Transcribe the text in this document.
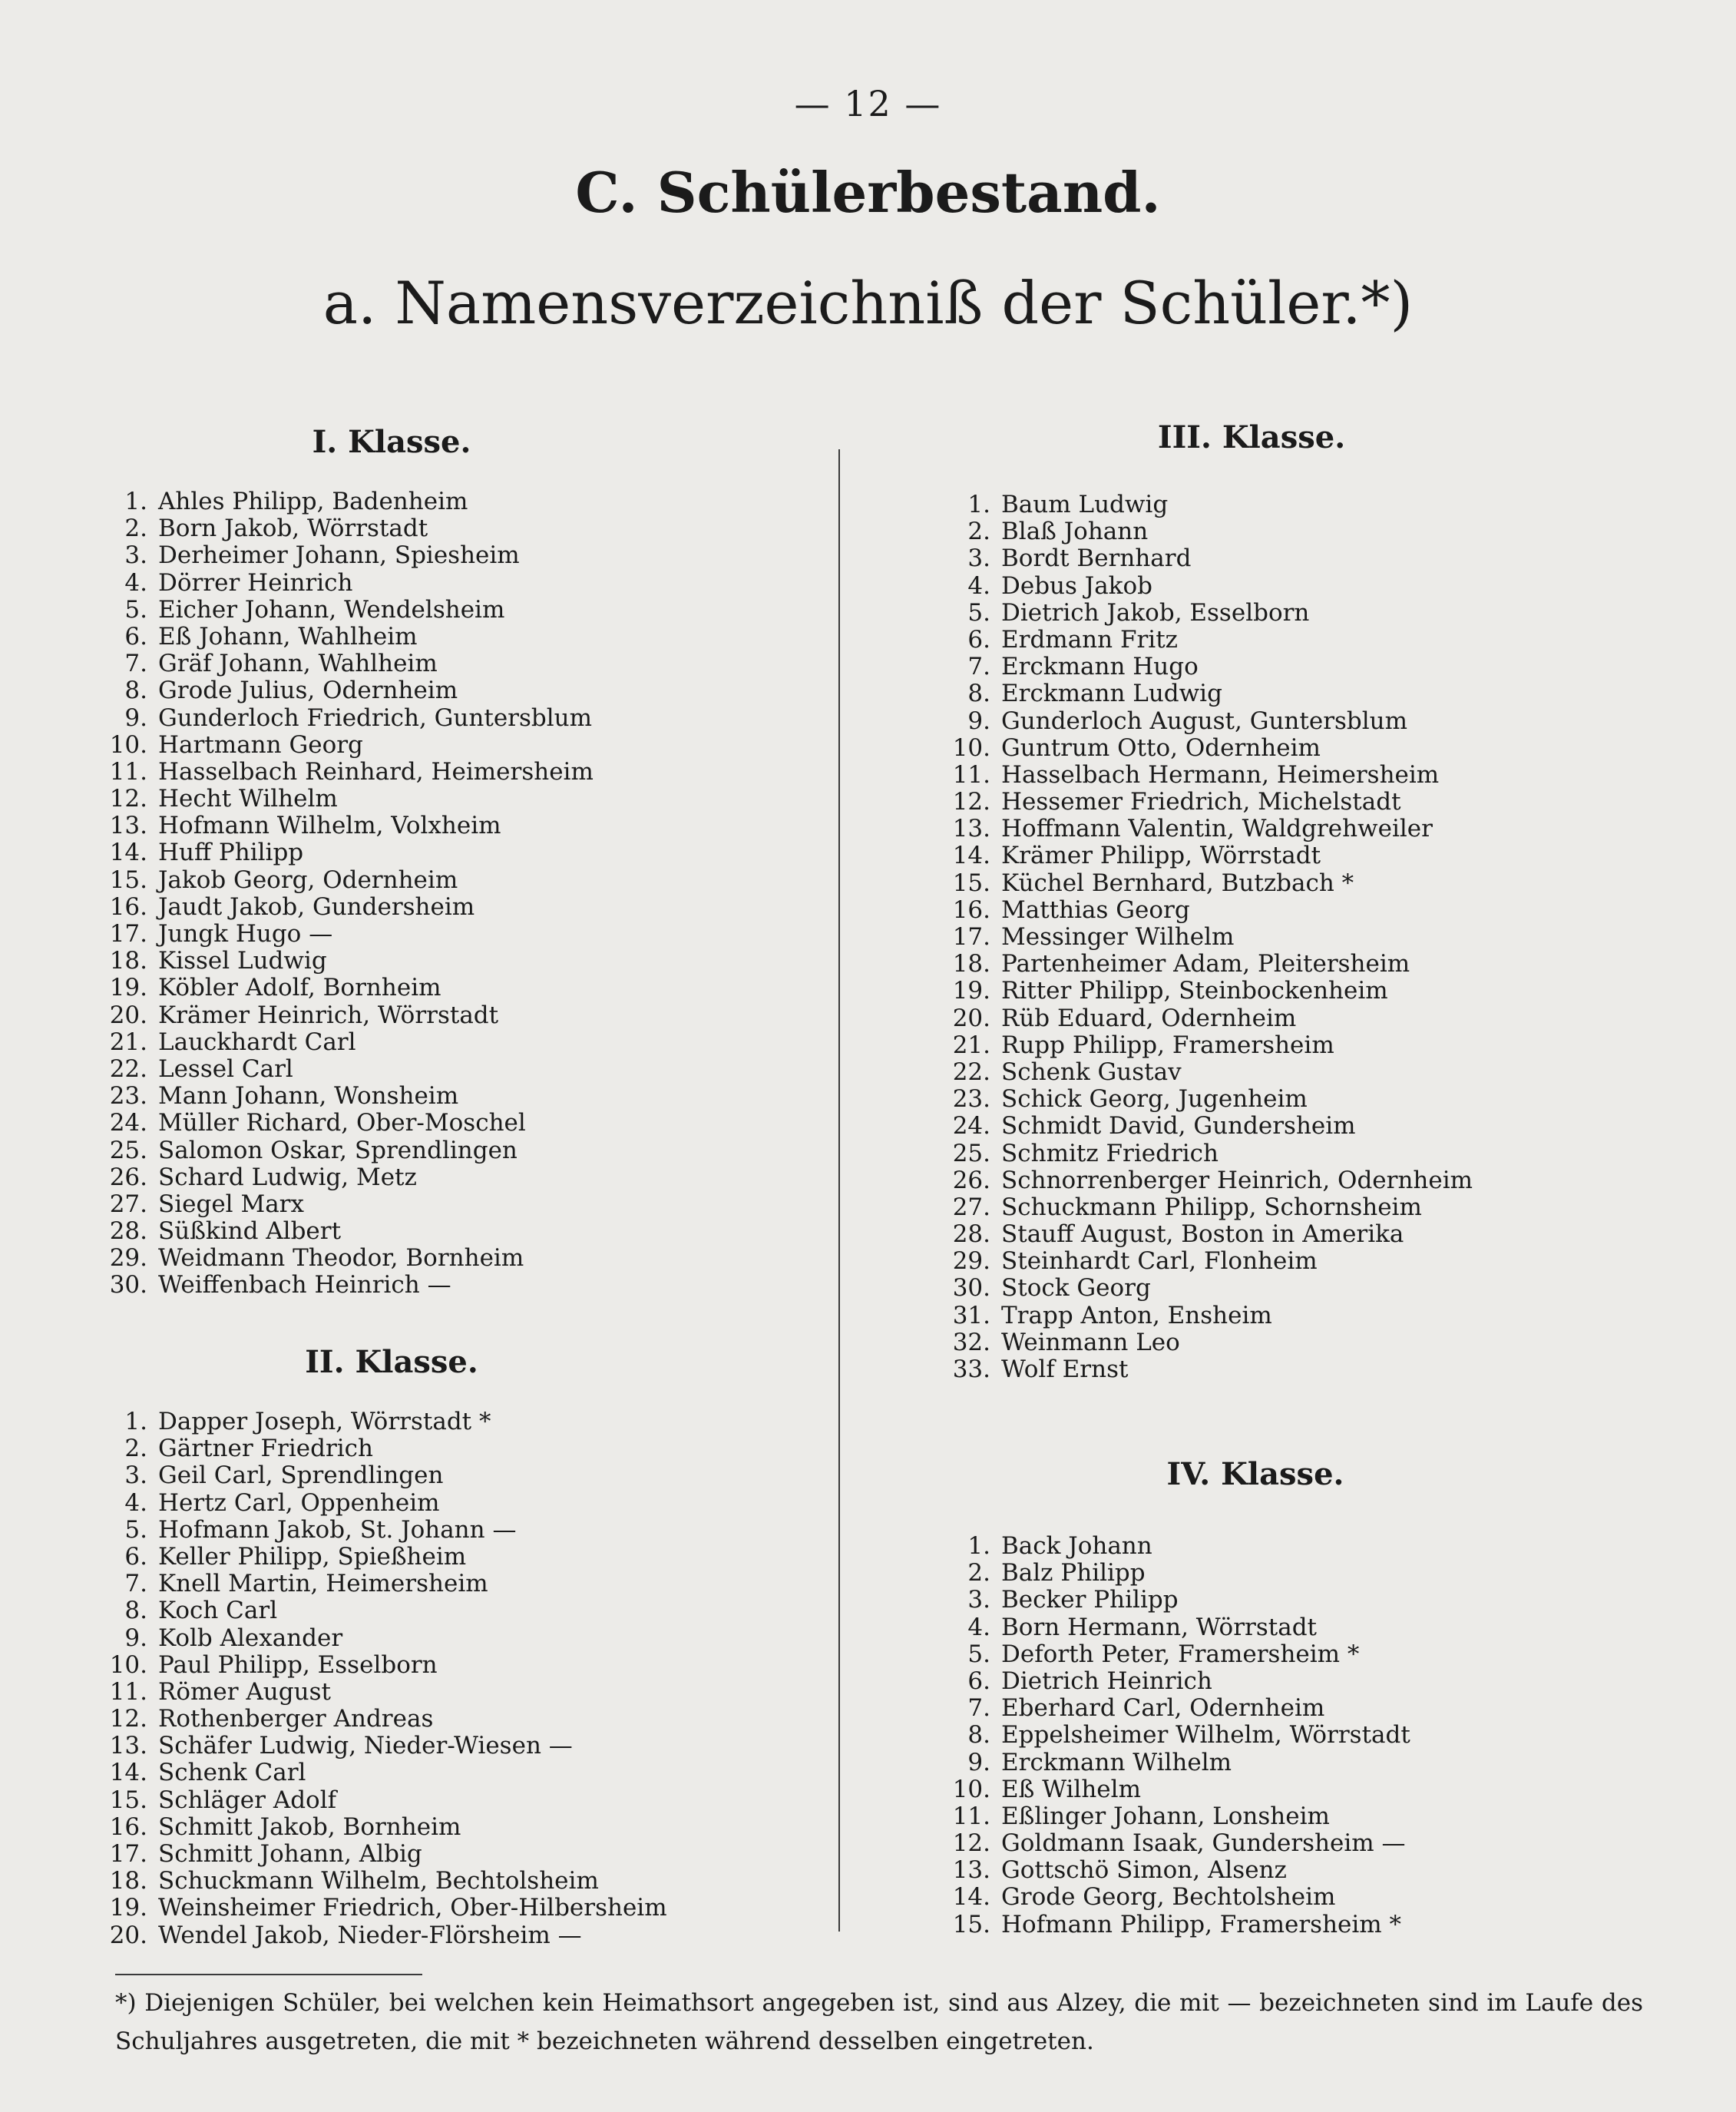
— 12 —
C. Schülerbestand.
a. Namensverzeichniß der Schüler.*)
I. Klasse.
1. Ahles Philipp, Badenheim
2. Born Jakob, Wörrstadt
3. Derheimer Johann, Spiesheim
4. Dörrer Heinrich
5. Eicher Johann, Wendelsheim
6. Eß Johann, Wahlheim
7. Gräf Johann, Wahlheim
8. Grode Julius, Odernheim
9. Gunderloch Friedrich, Guntersblum
10. Hartmann Georg
11. Hasselbach Reinhard, Heimersheim
12. Hecht Wilhelm
13. Hofmann Wilhelm, Volxheim
14. Huff Philipp
15. Jakob Georg, Odernheim
16. Jaudt Jakob, Gundersheim
17. Jungk Hugo —
18. Kissel Ludwig
19. Köbler Adolf, Bornheim
20. Krämer Heinrich, Wörrstadt
21. Lauckhardt Carl
22. Lessel Carl
23. Mann Johann, Wonsheim
24. Müller Richard, Ober-Moschel
25. Salomon Oskar, Sprendlingen
26. Schard Ludwig, Metz
27. Siegel Marx
28. Süßkind Albert
29. Weidmann Theodor, Bornheim
30. Weiffenbach Heinrich —
II. Klasse.
1. Dapper Joseph, Wörrstadt *
2. Gärtner Friedrich
3. Geil Carl, Sprendlingen
4. Hertz Carl, Oppenheim
5. Hofmann Jakob, St. Johann —
6. Keller Philipp, Spießheim
7. Knell Martin, Heimersheim
8. Koch Carl
9. Kolb Alexander
10. Paul Philipp, Esselborn
11. Römer August
12. Rothenberger Andreas
13. Schäfer Ludwig, Nieder-Wiesen —
14. Schenk Carl
15. Schläger Adolf
16. Schmitt Jakob, Bornheim
17. Schmitt Johann, Albig
18. Schuckmann Wilhelm, Bechtolsheim
19. Weinsheimer Friedrich, Ober-Hilbersheim
20. Wendel Jakob, Nieder-Flörsheim —
III. Klasse.
1. Baum Ludwig
2. Blaß Johann
3. Bordt Bernhard
4. Debus Jakob
5. Dietrich Jakob, Esselborn
6. Erdmann Fritz
7. Erckmann Hugo
8. Erckmann Ludwig
9. Gunderloch August, Guntersblum
10. Guntrum Otto, Odernheim
11. Hasselbach Hermann, Heimersheim
12. Hessemer Friedrich, Michelstadt
13. Hoffmann Valentin, Waldgrehweiler
14. Krämer Philipp, Wörrstadt
15. Küchel Bernhard, Butzbach *
16. Matthias Georg
17. Messinger Wilhelm
18. Partenheimer Adam, Pleitersheim
19. Ritter Philipp, Steinbockenheim
20. Rüb Eduard, Odernheim
21. Rupp Philipp, Framersheim
22. Schenk Gustav
23. Schick Georg, Jugenheim
24. Schmidt David, Gundersheim
25. Schmitz Friedrich
26. Schnorrenberger Heinrich, Odernheim
27. Schuckmann Philipp, Schornsheim
28. Stauff August, Boston in Amerika
29. Steinhardt Carl, Flonheim
30. Stock Georg
31. Trapp Anton, Ensheim
32. Weinmann Leo
33. Wolf Ernst
IV. Klasse.
1. Back Johann
2. Balz Philipp
3. Becker Philipp
4. Born Hermann, Wörrstadt
5. Deforth Peter, Framersheim *
6. Dietrich Heinrich
7. Eberhard Carl, Odernheim
8. Eppelsheimer Wilhelm, Wörrstadt
9. Erckmann Wilhelm
10. Eß Wilhelm
11. Eßlinger Johann, Lonsheim
12. Goldmann Isaak, Gundersheim —
13. Gottschö Simon, Alsenz
14. Grode Georg, Bechtolsheim
15. Hofmann Philipp, Framersheim *
*) Diejenigen Schüler, bei welchen kein Heimathsort angegeben ist, sind aus Alzey, die mit — bezeichneten sind im Laufe des Schuljahres ausgetreten, die mit * bezeichneten während desselben eingetreten.
